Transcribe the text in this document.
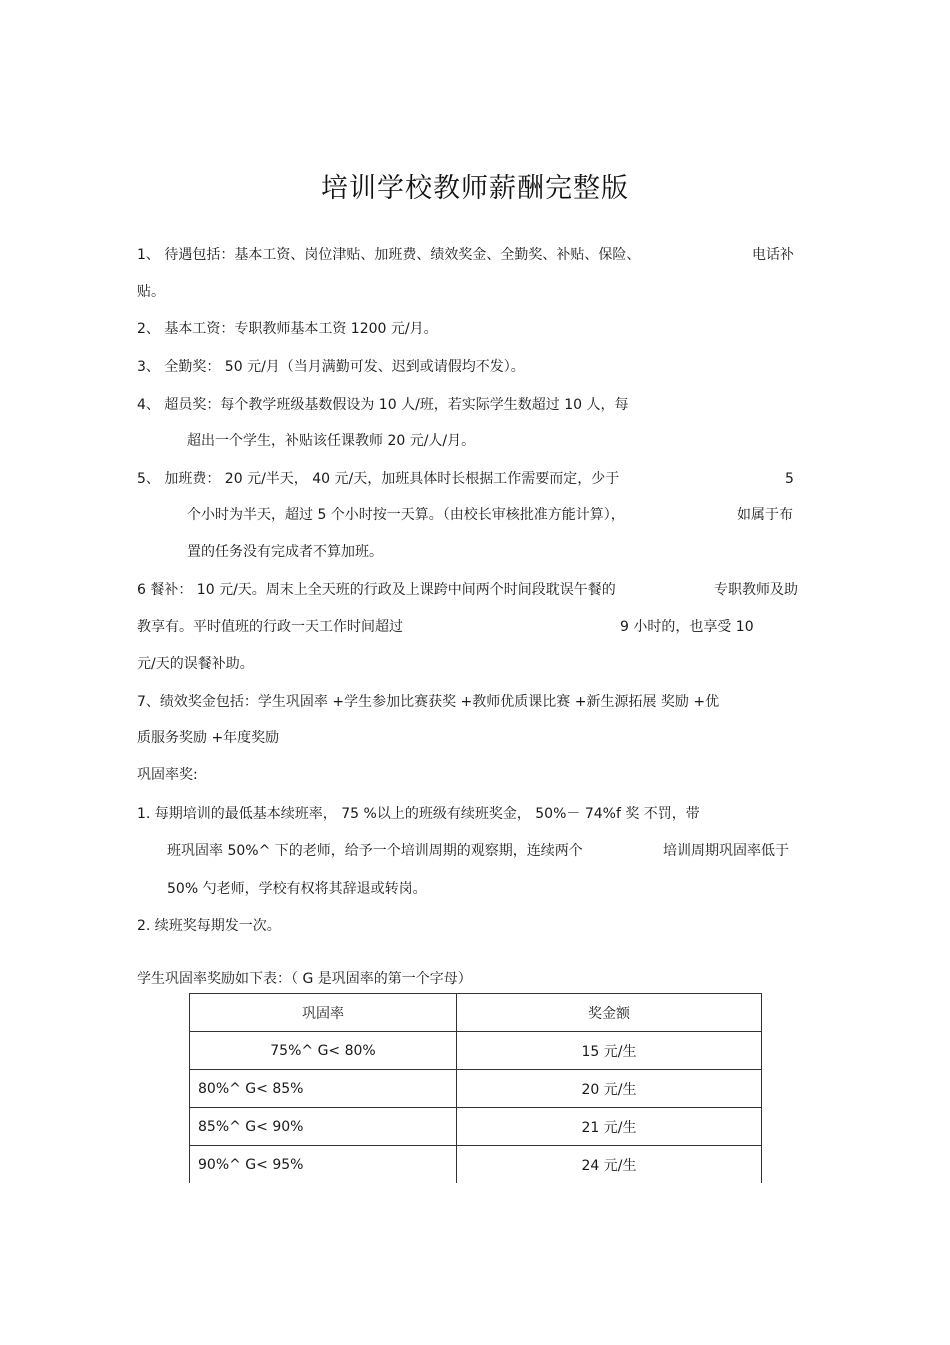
培训学校教师薪酬完整版
1、 待遇包括：基本工资、岗位津贴、加班费、绩效奖金、全勤奖、补贴、保险、	电话补
贴。
2、 基本工资：专职教师基本工资 1200 元/月。
3、 全勤奖： 50 元/月（当月满勤可发、迟到或请假均不发）。
4、 超员奖：每个教学班级基数假设为 10 人/班，若实际学生数超过 10 人，每
超出一个学生，补贴该任课教师 20 元/人/月。
5、 加班费： 20 元/半天， 40 元/天，加班具体时长根据工作需要而定，少于	5
个小时为半天，超过 5 个小时按一天算。（由校长审核批准方能计算），	如属于布
置的任务没有完成者不算加班。
6 餐补： 10 元/天。周末上全天班的行政及上课跨中间两个时间段耽误午餐的	专职教师及助
教享有。平时值班的行政一天工作时间超过	9 小时的，也享受 10
元/天的误餐补助。
7、绩效奖金包括：学生巩固率 +学生参加比赛获奖 +教师优质课比赛 +新生源拓展 奖励 +优
质服务奖励 +年度奖励
巩固率奖:
1. 每期培训的最低基本续班率， 75 %以上的班级有续班奖金， 50%－ 74%f 奖 不罚，带
班巩固率 50%^ 下的老师，给予一个培训周期的观察期，连续两个	培训周期巩固率低于
50% 勺老师，学校有权将其辞退或转岗。
2. 续班奖每期发一次。
学生巩固率奖励如下表：（ G 是巩固率的第一个字母）
巩固率	奖金额
75%^ G< 80%	15 元/生
80%^ G< 85%	20 元/生
85%^ G< 90%	21 元/生
90%^ G< 95%	24 元/生
